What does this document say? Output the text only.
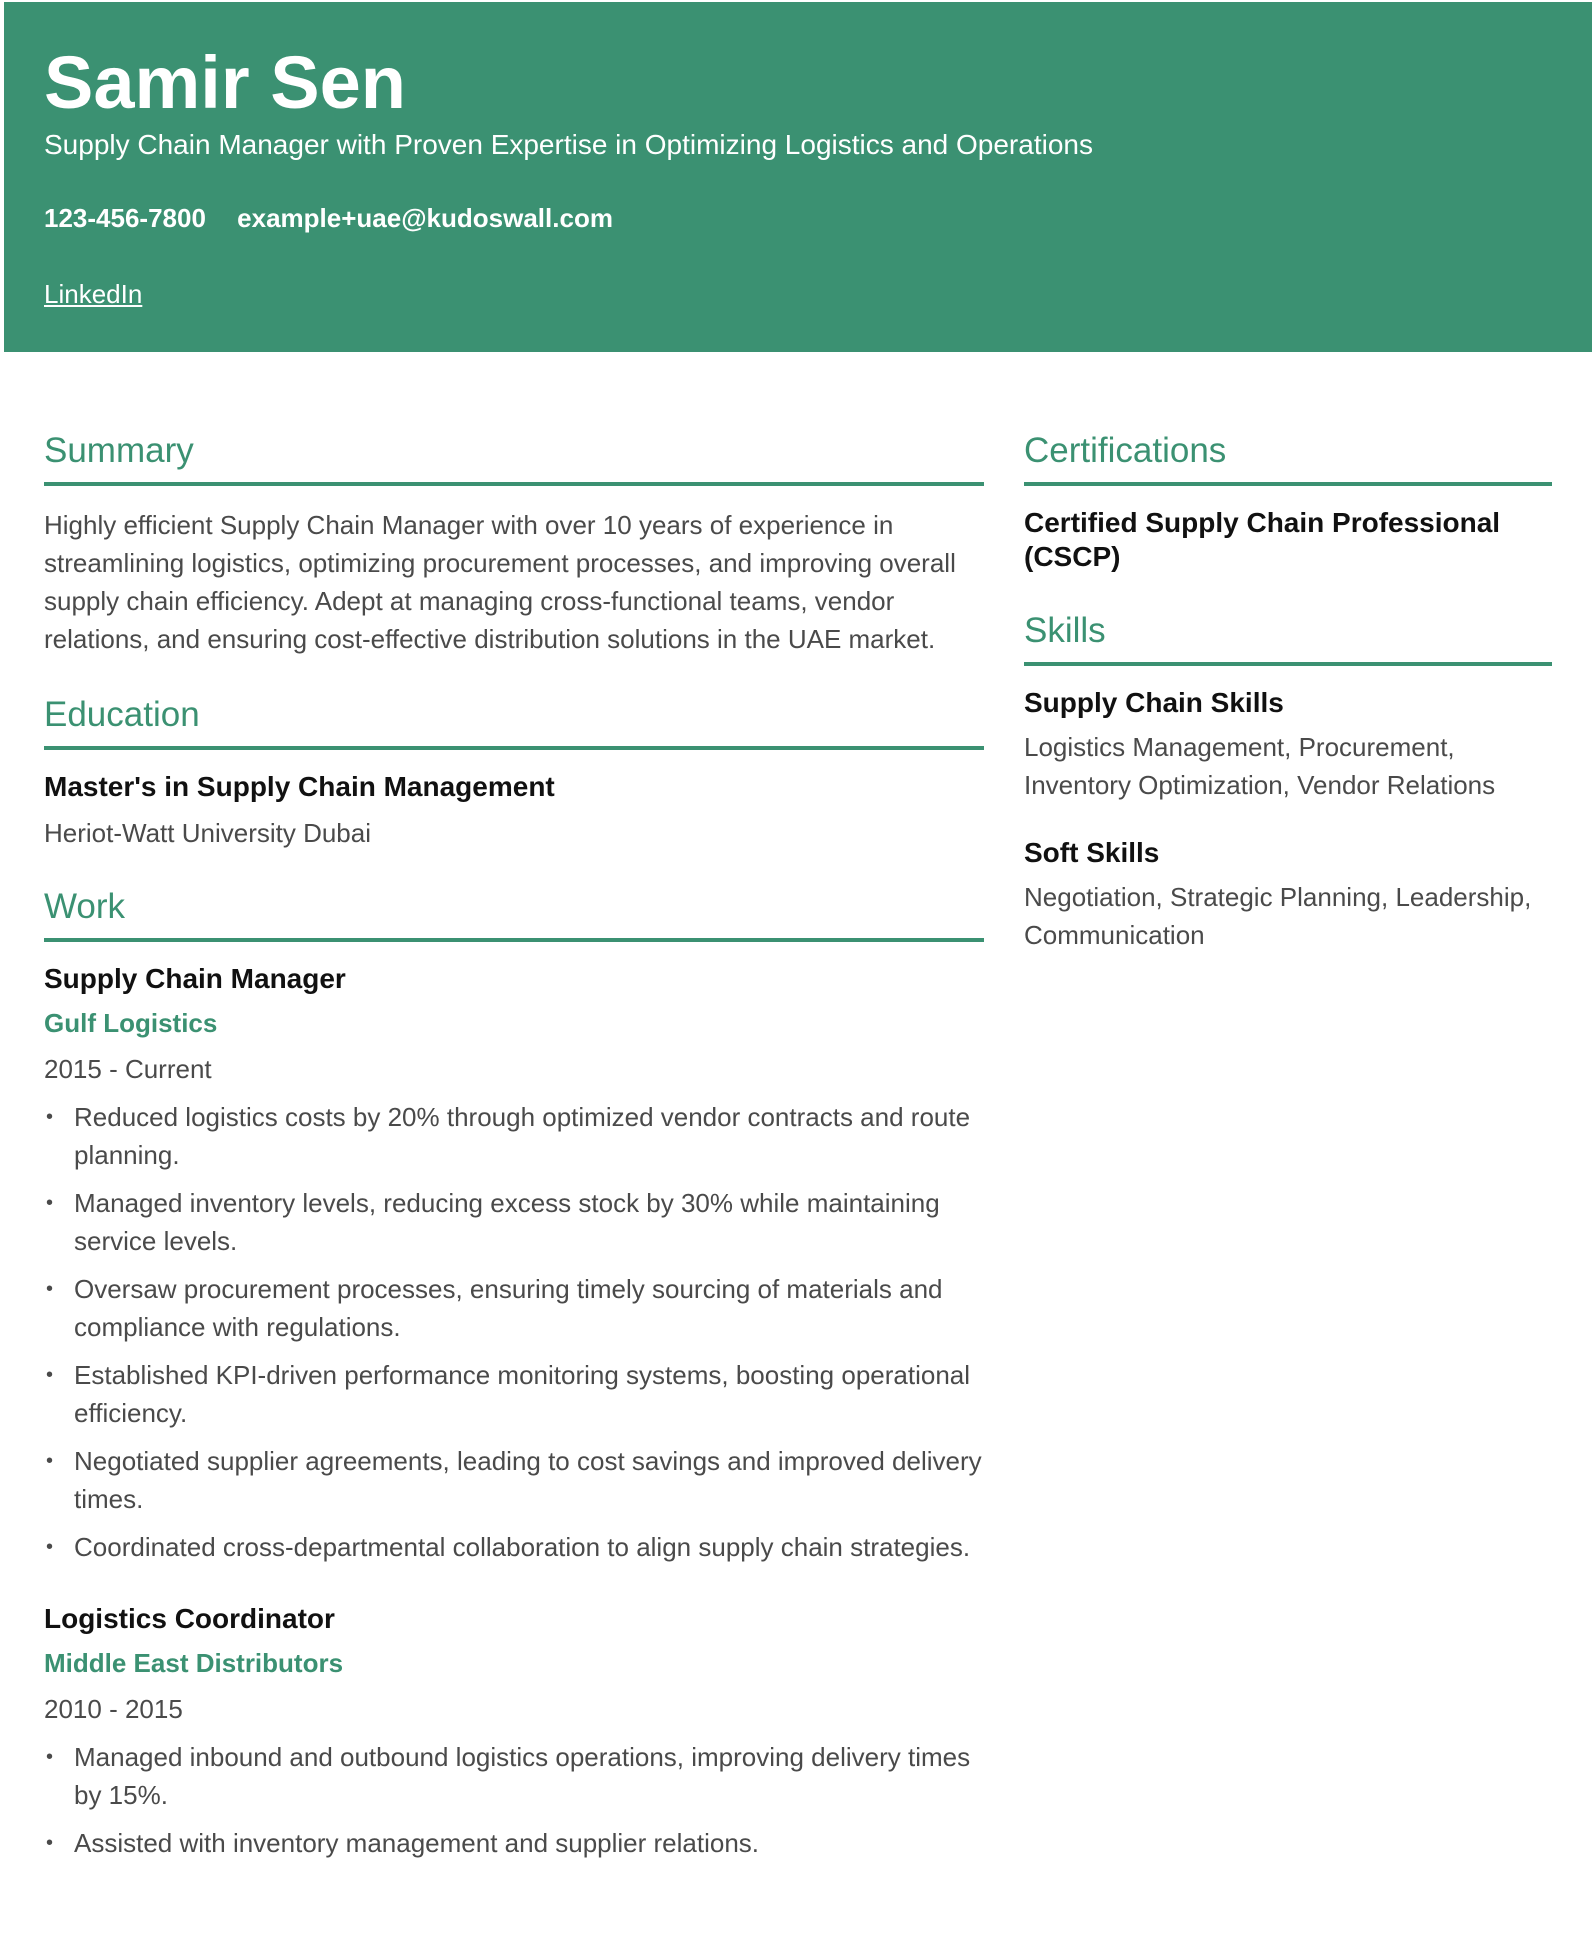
Samir Sen
Supply Chain Manager with Proven Expertise in Optimizing Logistics and Operations
123-456-7800 example+uae@kudoswall.com
LinkedIn
Summary
Highly efficient Supply Chain Manager with over 10 years of experience in streamlining logistics, optimizing procurement processes, and improving overall supply chain efficiency. Adept at managing cross-functional teams, vendor relations, and ensuring cost-effective distribution solutions in the UAE market.
Education
Master's in Supply Chain Management
Heriot-Watt University Dubai
Work
Supply Chain Manager
Gulf Logistics
2015 - Current
• Reduced logistics costs by 20% through optimized vendor contracts and route planning.
• Managed inventory levels, reducing excess stock by 30% while maintaining service levels.
• Oversaw procurement processes, ensuring timely sourcing of materials and compliance with regulations.
• Established KPI-driven performance monitoring systems, boosting operational efficiency.
• Negotiated supplier agreements, leading to cost savings and improved delivery times.
• Coordinated cross-departmental collaboration to align supply chain strategies.
Logistics Coordinator
Middle East Distributors
2010 - 2015
• Managed inbound and outbound logistics operations, improving delivery times by 15%.
• Assisted with inventory management and supplier relations.
Certifications
Certified Supply Chain Professional (CSCP)
Skills
Supply Chain Skills
Logistics Management, Procurement, Inventory Optimization, Vendor Relations
Soft Skills
Negotiation, Strategic Planning, Leadership, Communication
